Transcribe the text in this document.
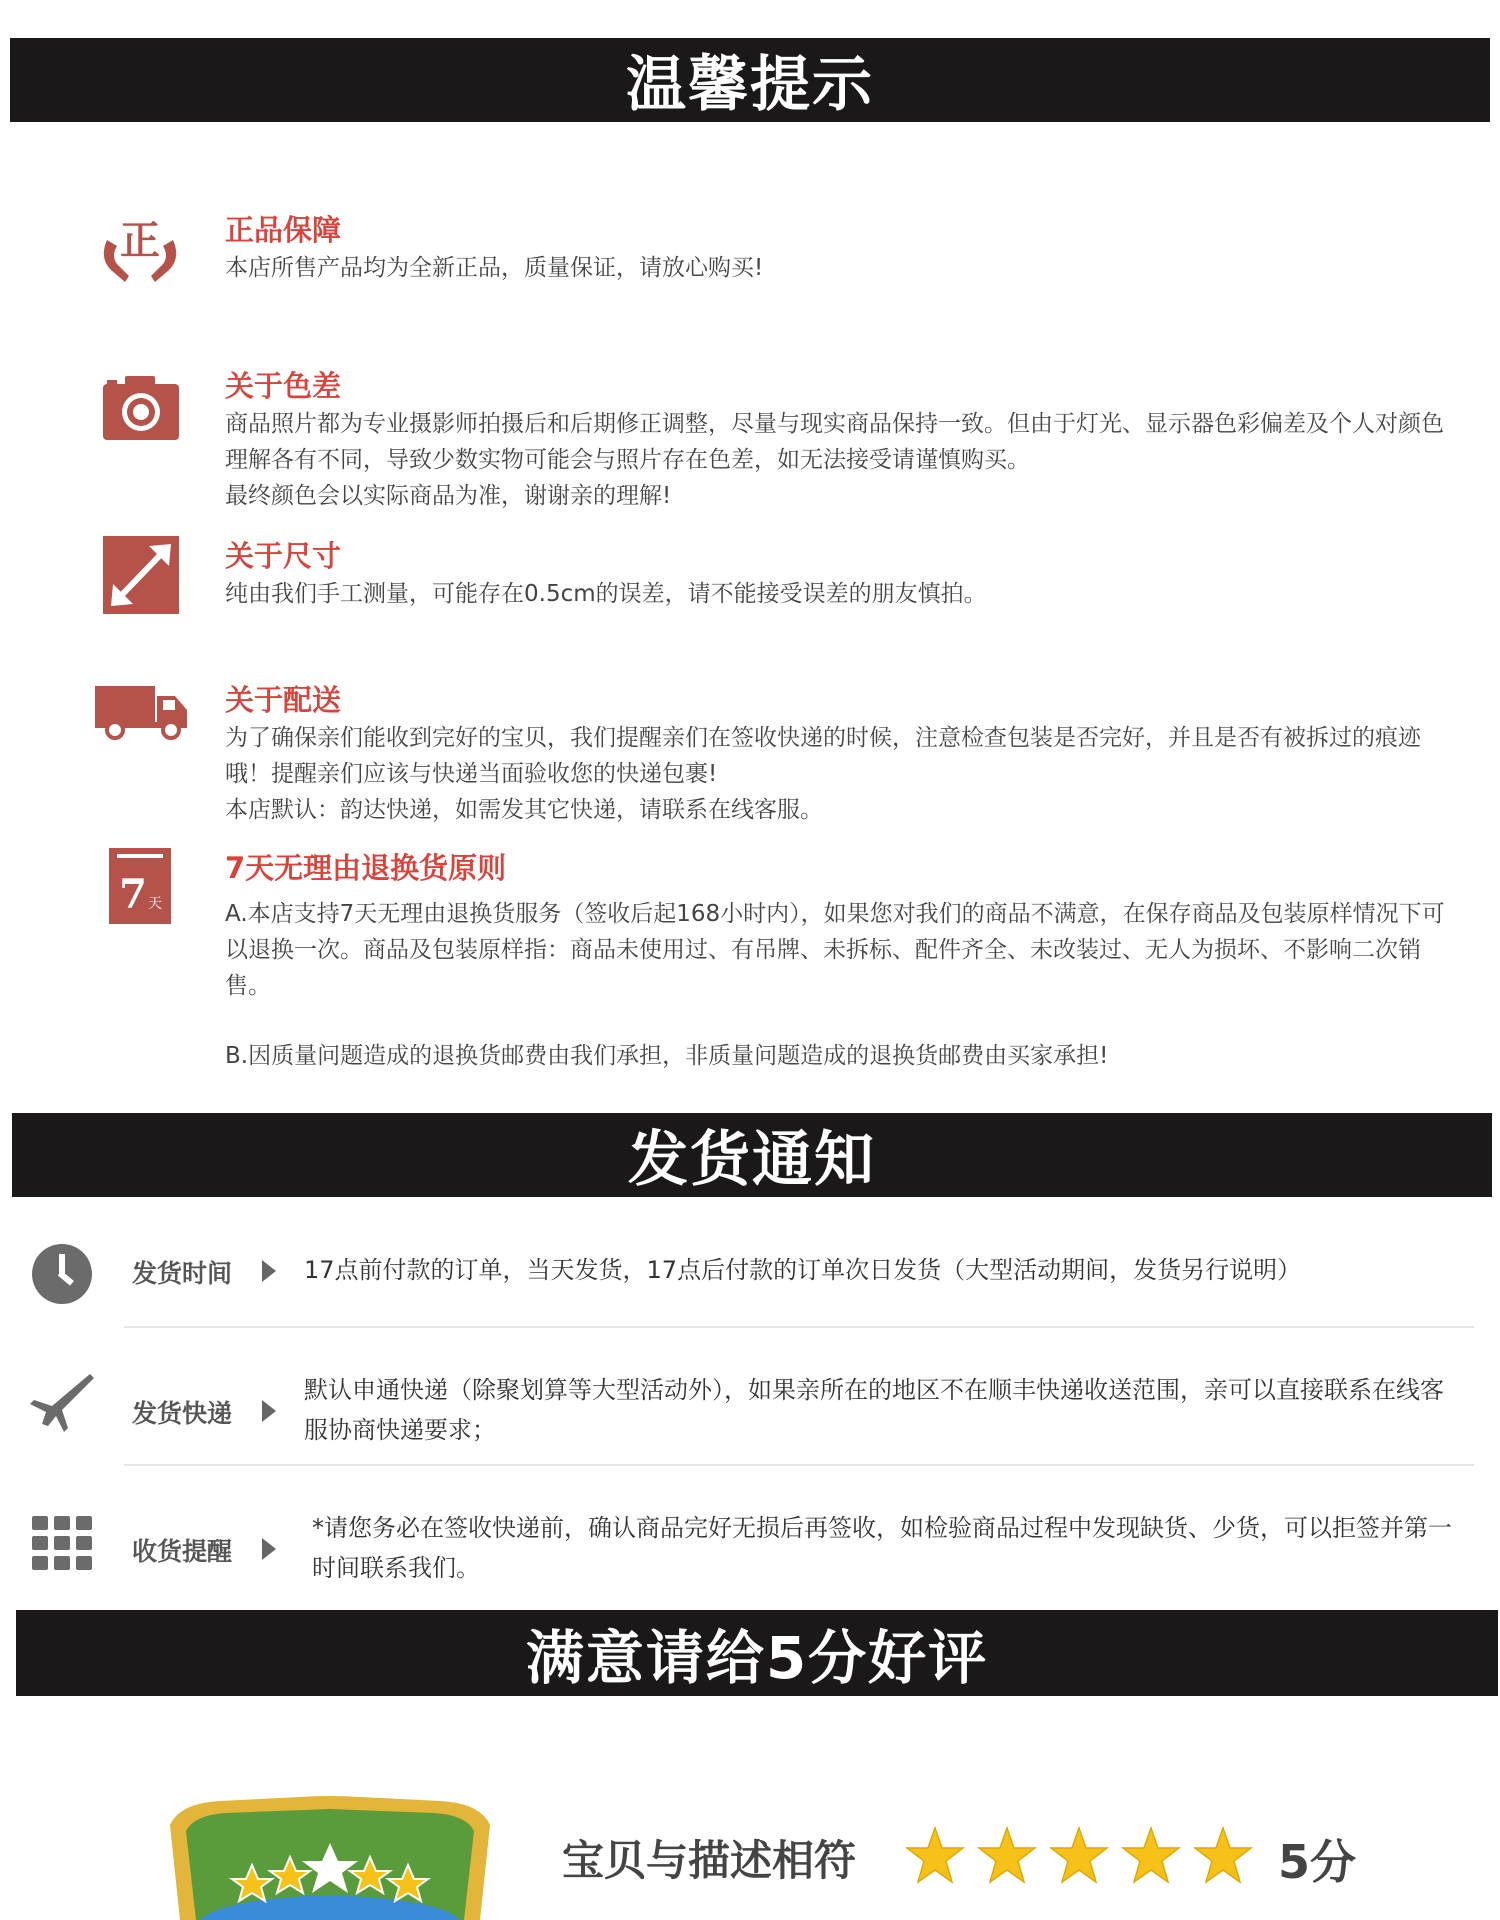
温馨提示
正 正品保障
本店所售产品均为全新正品，质量保证，请放心购买!
关于色差
商品照片都为专业摄影师拍摄后和后期修正调整，尽量与现实商品保持一致。但由于灯光、显示器色彩偏差及个人对颜色理解各有不同，导致少数实物可能会与照片存在色差，如无法接受请谨慎购买。
最终颜色会以实际商品为准，谢谢亲的理解!
关于尺寸
纯由我们手工测量，可能存在0.5cm的误差，请不能接受误差的朋友慎拍。
关于配送
为了确保亲们能收到完好的宝贝，我们提醒亲们在签收快递的时候，注意检查包装是否完好，并且是否有被拆过的痕迹哦！提醒亲们应该与快递当面验收您的快递包裹!
本店默认：韵达快递，如需发其它快递，请联系在线客服。
7 天
7天无理由退换货原则
A.本店支持7天无理由退换货服务（签收后起168小时内），如果您对我们的商品不满意，在保存商品及包装原样情况下可以退换一次。商品及包装原样指：商品未使用过、有吊牌、未拆标、配件齐全、未改装过、无人为损坏、不影响二次销售。
B.因质量问题造成的退换货邮费由我们承担，非质量问题造成的退换货邮费由买家承担!
发货通知
发货时间	17点前付款的订单，当天发货，17点后付款的订单次日发货（大型活动期间，发货另行说明）
发货快递
默认申通快递（除聚划算等大型活动外），如果亲所在的地区不在顺丰快递收送范围，亲可以直接联系在线客服协商快递要求；
收货提醒
*请您务必在签收快递前，确认商品完好无损后再签收，如检验商品过程中发现缺货、少货，可以拒签并第一时间联系我们。
满意请给5分好评
宝贝与描述相符	5分
